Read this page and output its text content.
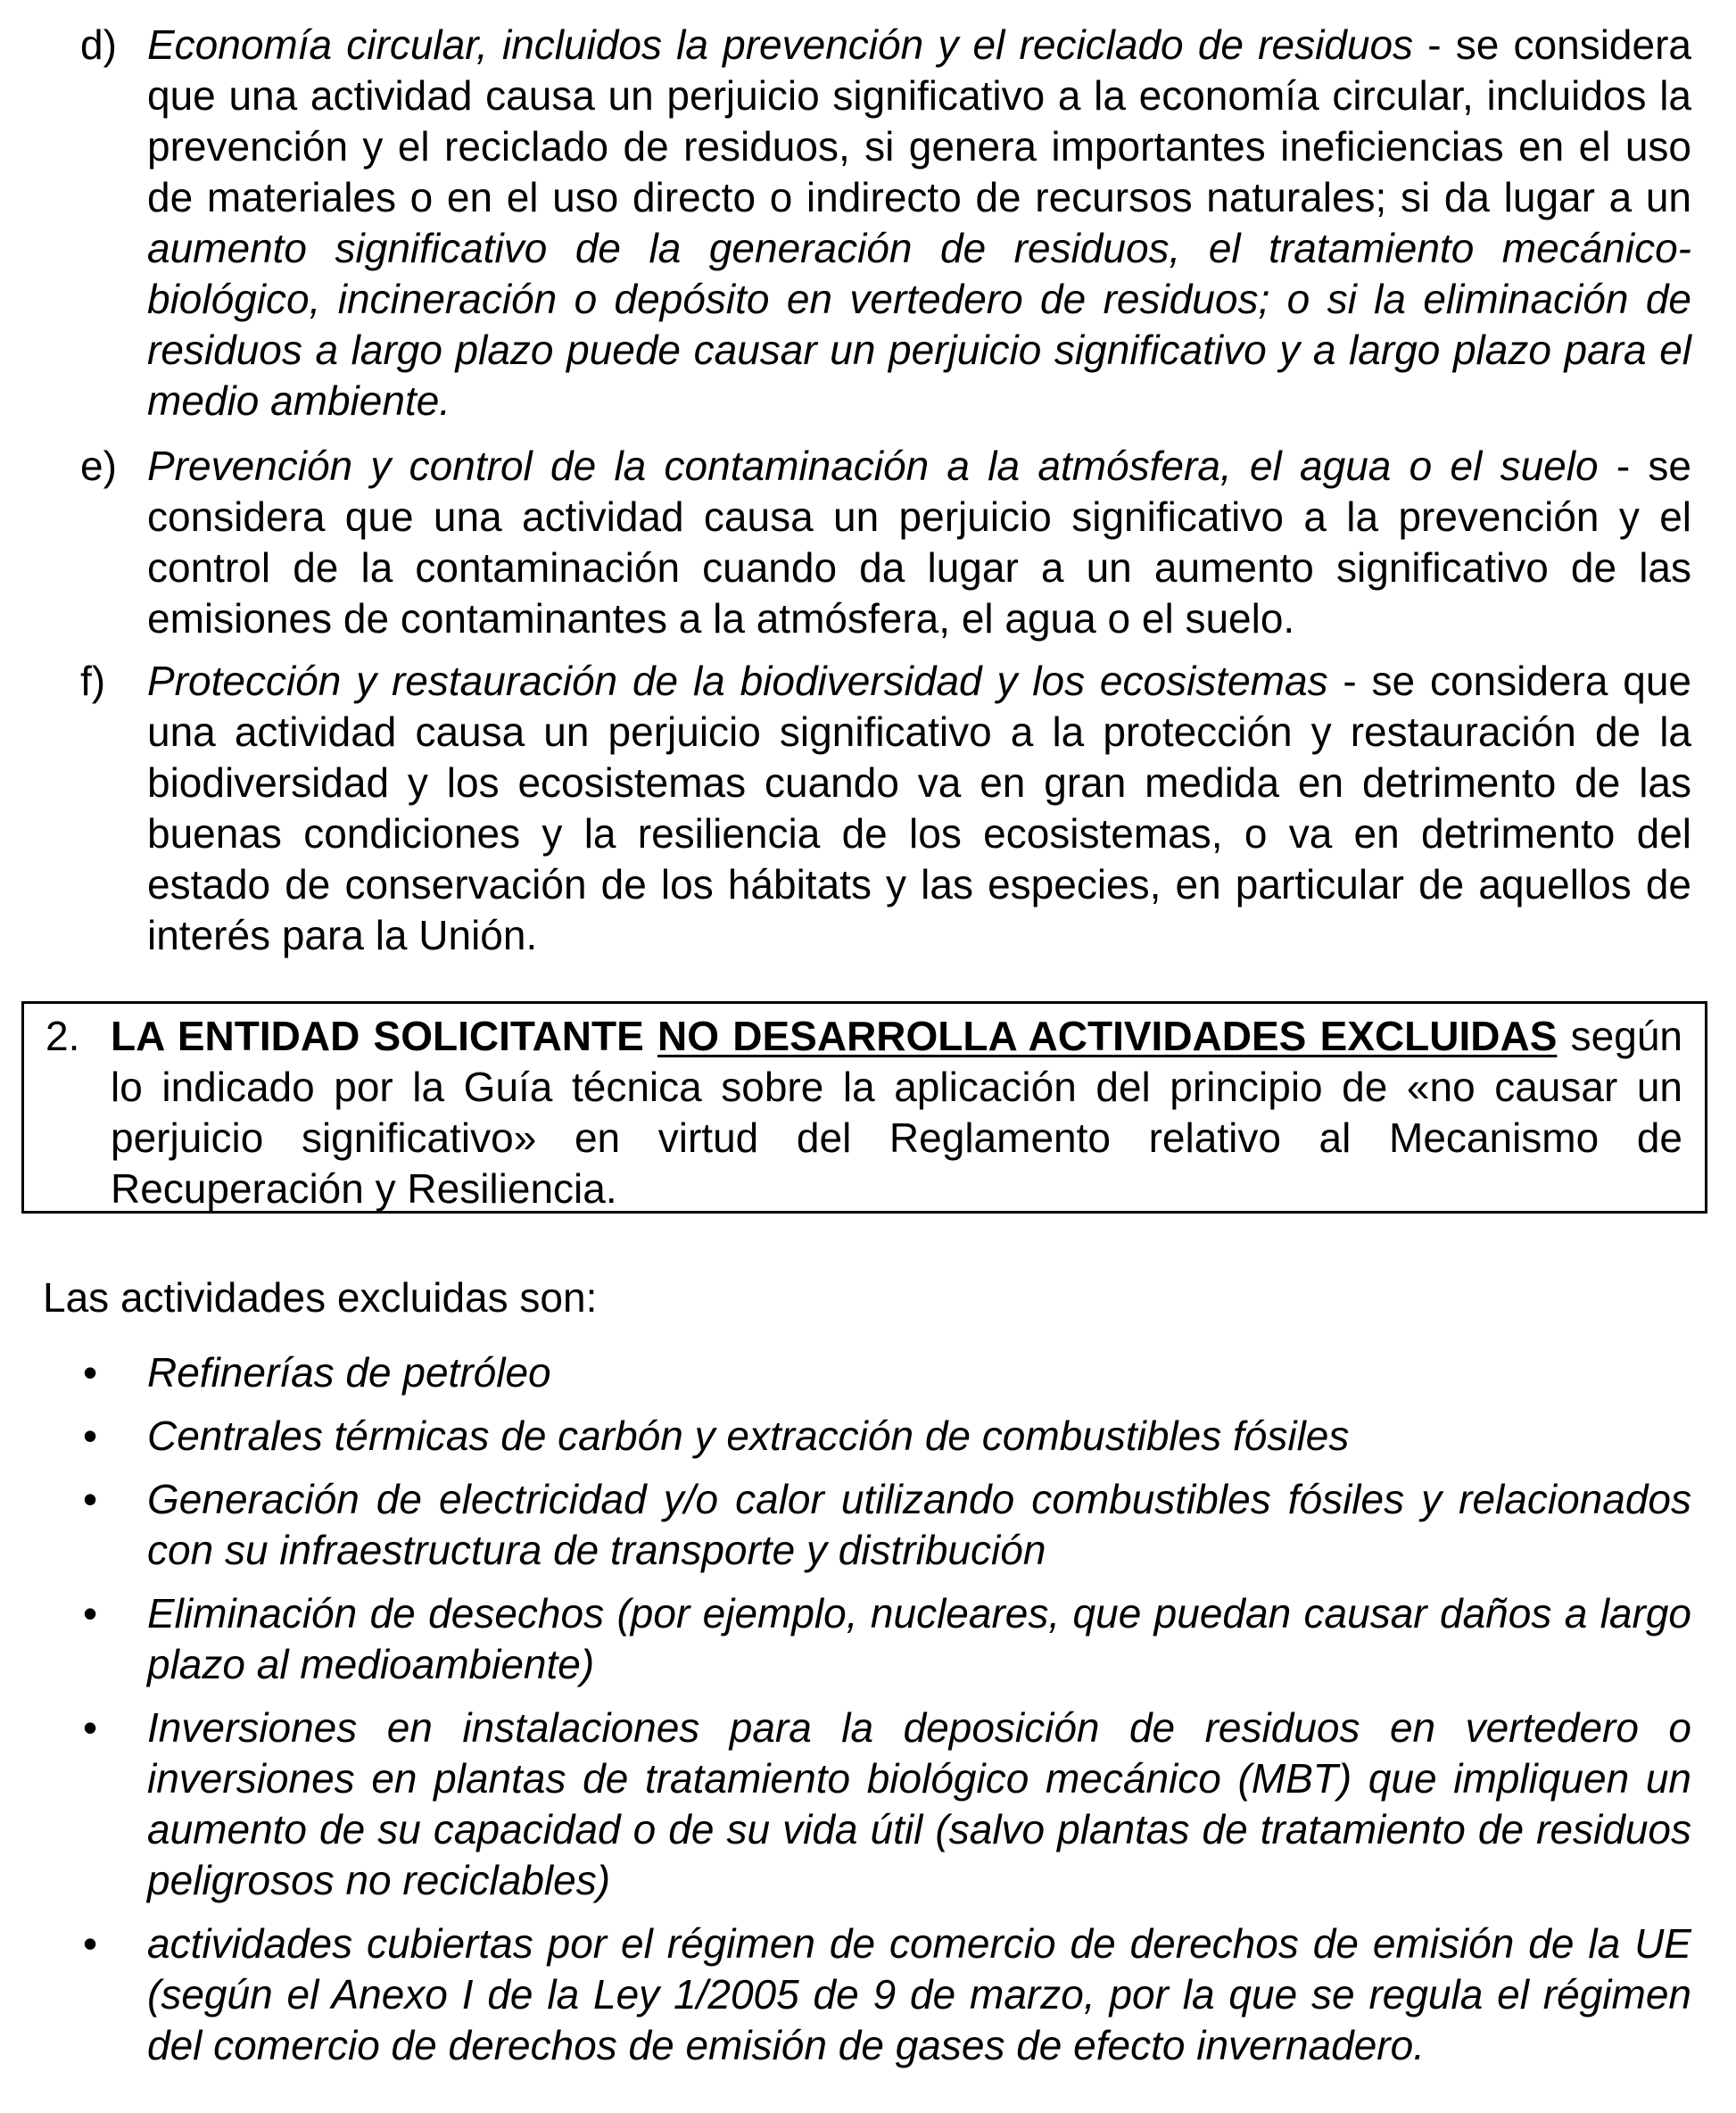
d) Economía circular, incluidos la prevención y el reciclado de residuos - se considera que una actividad causa un perjuicio significativo a la economía circular, incluidos la prevención y el reciclado de residuos, si genera importantes ineficiencias en el uso de materiales o en el uso directo o indirecto de recursos naturales; si da lugar a un aumento significativo de la generación de residuos, el tratamiento mecánico-biológico, incineración o depósito en vertedero de residuos; o si la eliminación de residuos a largo plazo puede causar un perjuicio significativo y a largo plazo para el medio ambiente.
e) Prevención y control de la contaminación a la atmósfera, el agua o el suelo - se considera que una actividad causa un perjuicio significativo a la prevención y el control de la contaminación cuando da lugar a un aumento significativo de las emisiones de contaminantes a la atmósfera, el agua o el suelo.
f) Protección y restauración de la biodiversidad y los ecosistemas - se considera que una actividad causa un perjuicio significativo a la protección y restauración de la biodiversidad y los ecosistemas cuando va en gran medida en detrimento de las buenas condiciones y la resiliencia de los ecosistemas, o va en detrimento del estado de conservación de los hábitats y las especies, en particular de aquellos de interés para la Unión.
2. LA ENTIDAD SOLICITANTE NO DESARROLLA ACTIVIDADES EXCLUIDAS según lo indicado por la Guía técnica sobre la aplicación del principio de «no causar un perjuicio significativo» en virtud del Reglamento relativo al Mecanismo de Recuperación y Resiliencia.
Las actividades excluidas son:
• Refinerías de petróleo
• Centrales térmicas de carbón y extracción de combustibles fósiles
• Generación de electricidad y/o calor utilizando combustibles fósiles y relacionados con su infraestructura de transporte y distribución
• Eliminación de desechos (por ejemplo, nucleares, que puedan causar daños a largo plazo al medioambiente)
• Inversiones en instalaciones para la deposición de residuos en vertedero o inversiones en plantas de tratamiento biológico mecánico (MBT) que impliquen un aumento de su capacidad o de su vida útil (salvo plantas de tratamiento de residuos peligrosos no reciclables)
• actividades cubiertas por el régimen de comercio de derechos de emisión de la UE (según el Anexo I de la Ley 1/2005 de 9 de marzo, por la que se regula el régimen del comercio de derechos de emisión de gases de efecto invernadero.
